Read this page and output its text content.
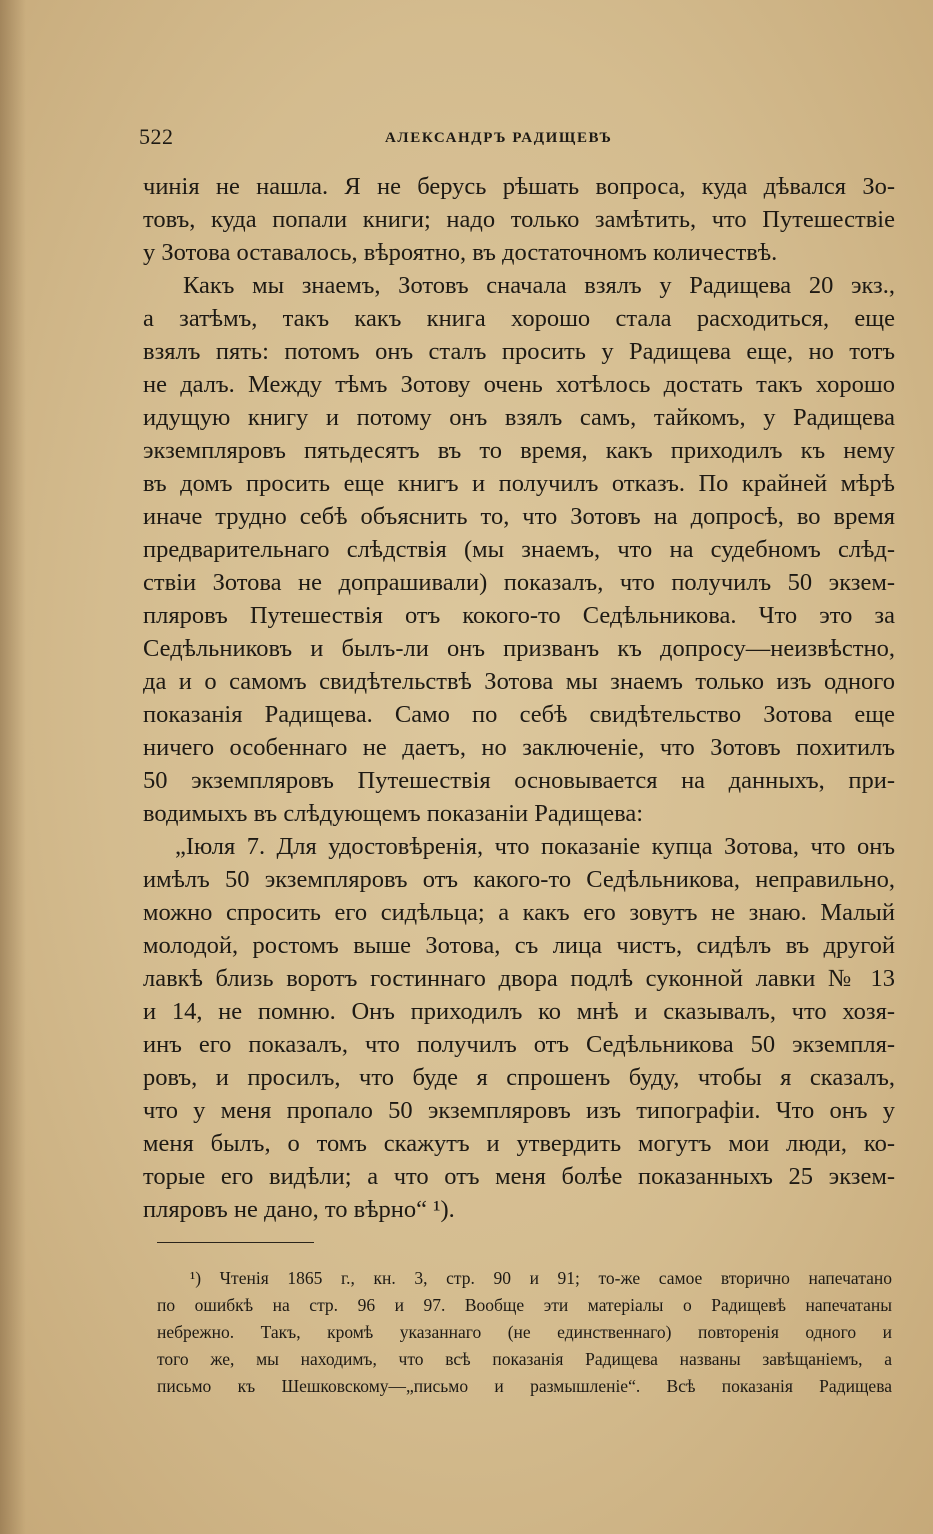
522	АЛЕКСАНДРЪ РАДИЩЕВЪ
чинія не нашла. Я не берусь рѣшать вопроса, куда дѣвался Зо-
товъ, куда попали книги; надо только замѣтить, что Путешествіе
у Зотова оставалось, вѣроятно, въ достаточномъ количествѣ.
Какъ мы знаемъ, Зотовъ сначала взялъ у Радищева 20 экз.,
а затѣмъ, такъ какъ книга хорошо стала расходиться, еще
взялъ пять: потомъ онъ сталъ просить у Радищева еще, но тотъ
не далъ. Между тѣмъ Зотову очень хотѣлось достать такъ хорошо
идущую книгу и потому онъ взялъ самъ, тайкомъ, у Радищева
экземпляровъ пятьдесятъ въ то время, какъ приходилъ къ нему
въ домъ просить еще книгъ и получилъ отказъ. По крайней мѣрѣ
иначе трудно себѣ объяснить то, что Зотовъ на допросѣ, во время
предварительнаго слѣдствія (мы знаемъ, что на судебномъ слѣд-
ствіи Зотова не допрашивали) показалъ, что получилъ 50 экзем-
пляровъ Путешествія отъ кокого-то Седѣльникова. Что это за
Седѣльниковъ и былъ-ли онъ призванъ къ допросу—неизвѣстно,
да и о самомъ свидѣтельствѣ Зотова мы знаемъ только изъ одного
показанія Радищева. Само по себѣ свидѣтельство Зотова еще
ничего особеннаго не даетъ, но заключеніе, что Зотовъ похитилъ
50 экземпляровъ Путешествія основывается на данныхъ, при-
водимыхъ въ слѣдующемъ показаніи Радищева:
„Іюля 7. Для удостовѣренія, что показаніе купца Зотова, что онъ
имѣлъ 50 экземпляровъ отъ какого-то Седѣльникова, неправильно,
можно спросить его сидѣльца; а какъ его зовутъ не знаю. Малый
молодой, ростомъ выше Зотова, съ лица чистъ, сидѣлъ въ другой
лавкѣ близь воротъ гостиннаго двора подлѣ суконной лавки № 13
и 14, не помню. Онъ приходилъ ко мнѣ и сказывалъ, что хозя-
инъ его показалъ, что получилъ отъ Седѣльникова 50 экземпля-
ровъ, и просилъ, что буде я спрошенъ буду, чтобы я сказалъ,
что у меня пропало 50 экземпляровъ изъ типографіи. Что онъ у
меня былъ, о томъ скажутъ и утвердить могутъ мои люди, ко-
торые его видѣли; а что отъ меня болѣе показанныхъ 25 экзем-
пляровъ не дано, то вѣрно“ ¹).
¹) Чтенія 1865 г., кн. 3, стр. 90 и 91; то-же самое вторично напечатано
по ошибкѣ на стр. 96 и 97. Вообще эти матеріалы о Радищевѣ напечатаны
небрежно. Такъ, кромѣ указаннаго (не единственнаго) повторенія одного и
того же, мы находимъ, что всѣ показанія Радищева названы завѣщаніемъ, а
письмо къ Шешковскому—„письмо и размышленіе“. Всѣ показанія Радищева
